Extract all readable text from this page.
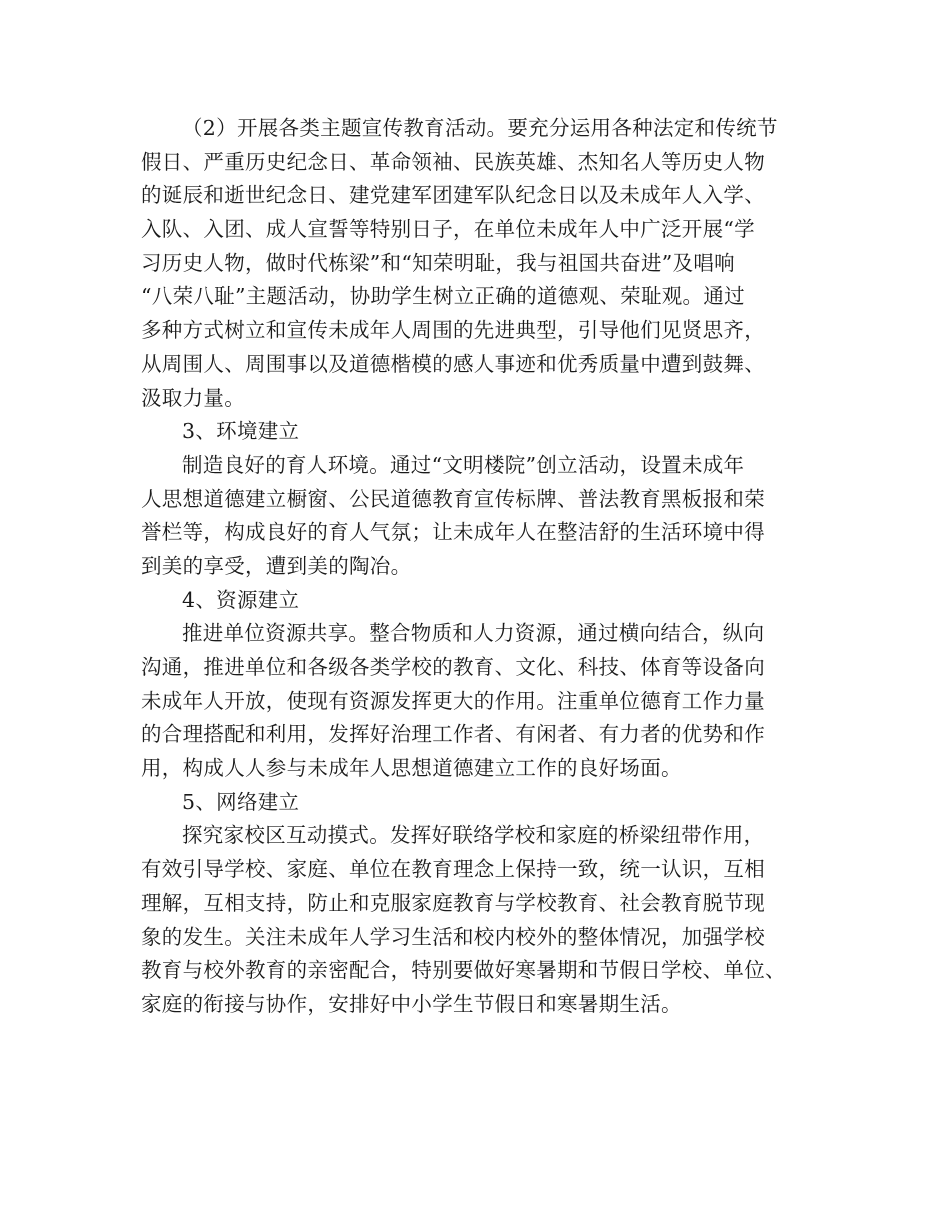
（2）开展各类主题宣传教育活动。要充分运用各种法定和传统节
假日、严重历史纪念日、革命领袖、民族英雄、杰知名人等历史人物
的诞辰和逝世纪念日、建党建军团建军队纪念日以及未成年人入学、
入队、入团、成人宣誓等特别日子，在单位未成年人中广泛开展“学
习历史人物，做时代栋梁”和“知荣明耻，我与祖国共奋进”及唱响
“八荣八耻”主题活动，协助学生树立正确的道德观、荣耻观。通过
多种方式树立和宣传未成年人周围的先进典型，引导他们见贤思齐，
从周围人、周围事以及道德楷模的感人事迹和优秀质量中遭到鼓舞、
汲取力量。
3、环境建立
制造良好的育人环境。通过“文明楼院”创立活动，设置未成年
人思想道德建立橱窗、公民道德教育宣传标牌、普法教育黑板报和荣
誉栏等，构成良好的育人气氛；让未成年人在整洁舒的生活环境中得
到美的享受，遭到美的陶冶。
4、资源建立
推进单位资源共享。整合物质和人力资源，通过横向结合，纵向
沟通，推进单位和各级各类学校的教育、文化、科技、体育等设备向
未成年人开放，使现有资源发挥更大的作用。注重单位德育工作力量
的合理搭配和利用，发挥好治理工作者、有闲者、有力者的优势和作
用，构成人人参与未成年人思想道德建立工作的良好场面。
5、网络建立
探究家校区互动摸式。发挥好联络学校和家庭的桥梁纽带作用，
有效引导学校、家庭、单位在教育理念上保持一致，统一认识，互相
理解，互相支持，防止和克服家庭教育与学校教育、社会教育脱节现
象的发生。关注未成年人学习生活和校内校外的整体情况，加强学校
教育与校外教育的亲密配合，特别要做好寒暑期和节假日学校、单位、
家庭的衔接与协作，安排好中小学生节假日和寒暑期生活。
